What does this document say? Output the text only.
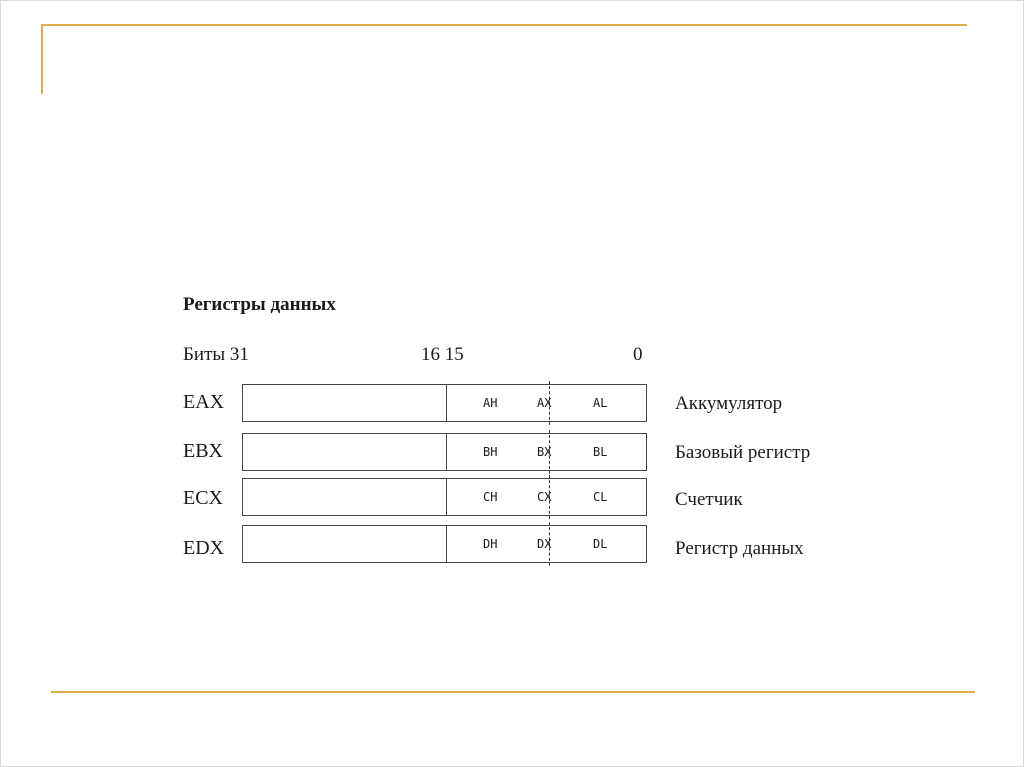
Регистры данных
Биты 31	16 15	0
EAX	AH	AX	AL	Аккумулятор
EBX	BH	BX	BL	Базовый регистр
ECX	CH	CX	CL	Счетчик
EDX	DH	DX	DL	Регистр данных
